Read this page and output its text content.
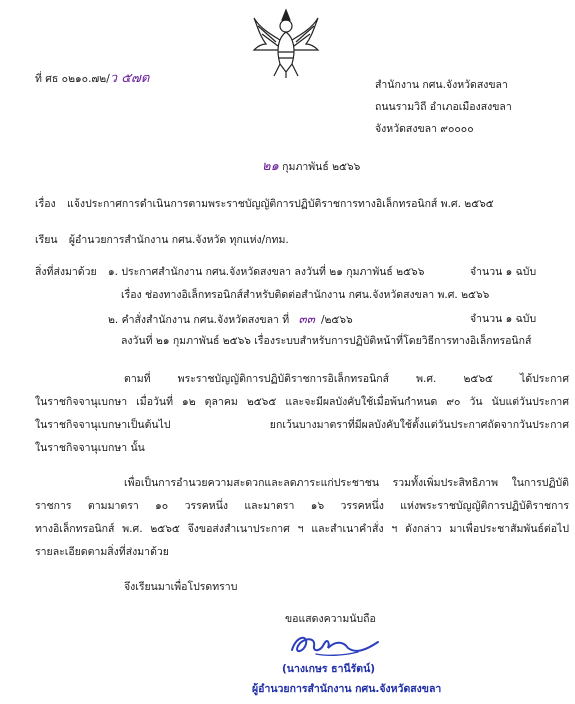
ที่ ศธ ๐๒๑๐.๗๒/ว ๕๗ต	สำนักงาน กศน.จังหวัดสงขลา
ถนนรามวิถี อำเภอเมืองสงขลา
จังหวัดสงขลา ๙๐๐๐๐
๒๑ กุมภาพันธ์ ๒๕๖๖
เรื่อง แจ้งประกาศการดำเนินการตามพระราชบัญญัติการปฏิบัติราชการทางอิเล็กทรอนิกส์ พ.ศ. ๒๕๖๕
เรียน ผู้อำนวยการสำนักงาน กศน.จังหวัด ทุกแห่ง/กทม.
สิ่งที่ส่งมาด้วย ๑. ประกาศสำนักงาน กศน.จังหวัดสงขลา ลงวันที่ ๒๑ กุมภาพันธ์ ๒๕๖๖	จำนวน ๑ ฉบับ
เรื่อง ช่องทางอิเล็กทรอนิกส์สำหรับติดต่อสำนักงาน กศน.จังหวัดสงขลา พ.ศ. ๒๕๖๖
๒. คำสั่งสำนักงาน กศน.จังหวัดสงขลา ที่ ๓๓ /๒๕๖๖	จำนวน ๑ ฉบับ
ลงวันที่ ๒๑ กุมภาพันธ์ ๒๕๖๖ เรื่องระบบสำหรับการปฏิบัติหน้าที่โดยวิธีการทางอิเล็กทรอนิกส์
ตามที่ พระราชบัญญัติการปฏิบัติราชการอิเล็กทรอนิกส์ พ.ศ. ๒๕๖๕ ได้ประกาศ
ในราชกิจจานุเบกษา เมื่อวันที่ ๑๒ ตุลาคม ๒๕๖๕ และจะมีผลบังคับใช้เมื่อพ้นกำหนด ๙๐ วัน นับแต่วันประกาศ
ในราชกิจจานุเบกษาเป็นต้นไป ยกเว้นบางมาตราที่มีผลบังคับใช้ตั้งแต่วันประกาศถัดจากวันประกาศ
ในราชกิจจานุเบกษา นั้น
เพื่อเป็นการอำนวยความสะดวกและลดภาระแก่ประชาชน รวมทั้งเพิ่มประสิทธิภาพ ในการปฏิบัติ
ราชการ ตามมาตรา ๑๐ วรรคหนึ่ง และมาตรา ๑๖ วรรคหนึ่ง แห่งพระราชบัญญัติการปฏิบัติราชการ
ทางอิเล็กทรอนิกส์ พ.ศ. ๒๕๖๕ จึงขอส่งสำเนาประกาศ ฯ และสำเนาคำสั่ง ฯ ดังกล่าว มาเพื่อประชาสัมพันธ์ต่อไป
รายละเอียดตามสิ่งที่ส่งมาด้วย
จึงเรียนมาเพื่อโปรดทราบ
ขอแสดงความนับถือ
(นางเกษร ธานีรัตน์)
ผู้อำนวยการสำนักงาน กศน.จังหวัดสงขลา
